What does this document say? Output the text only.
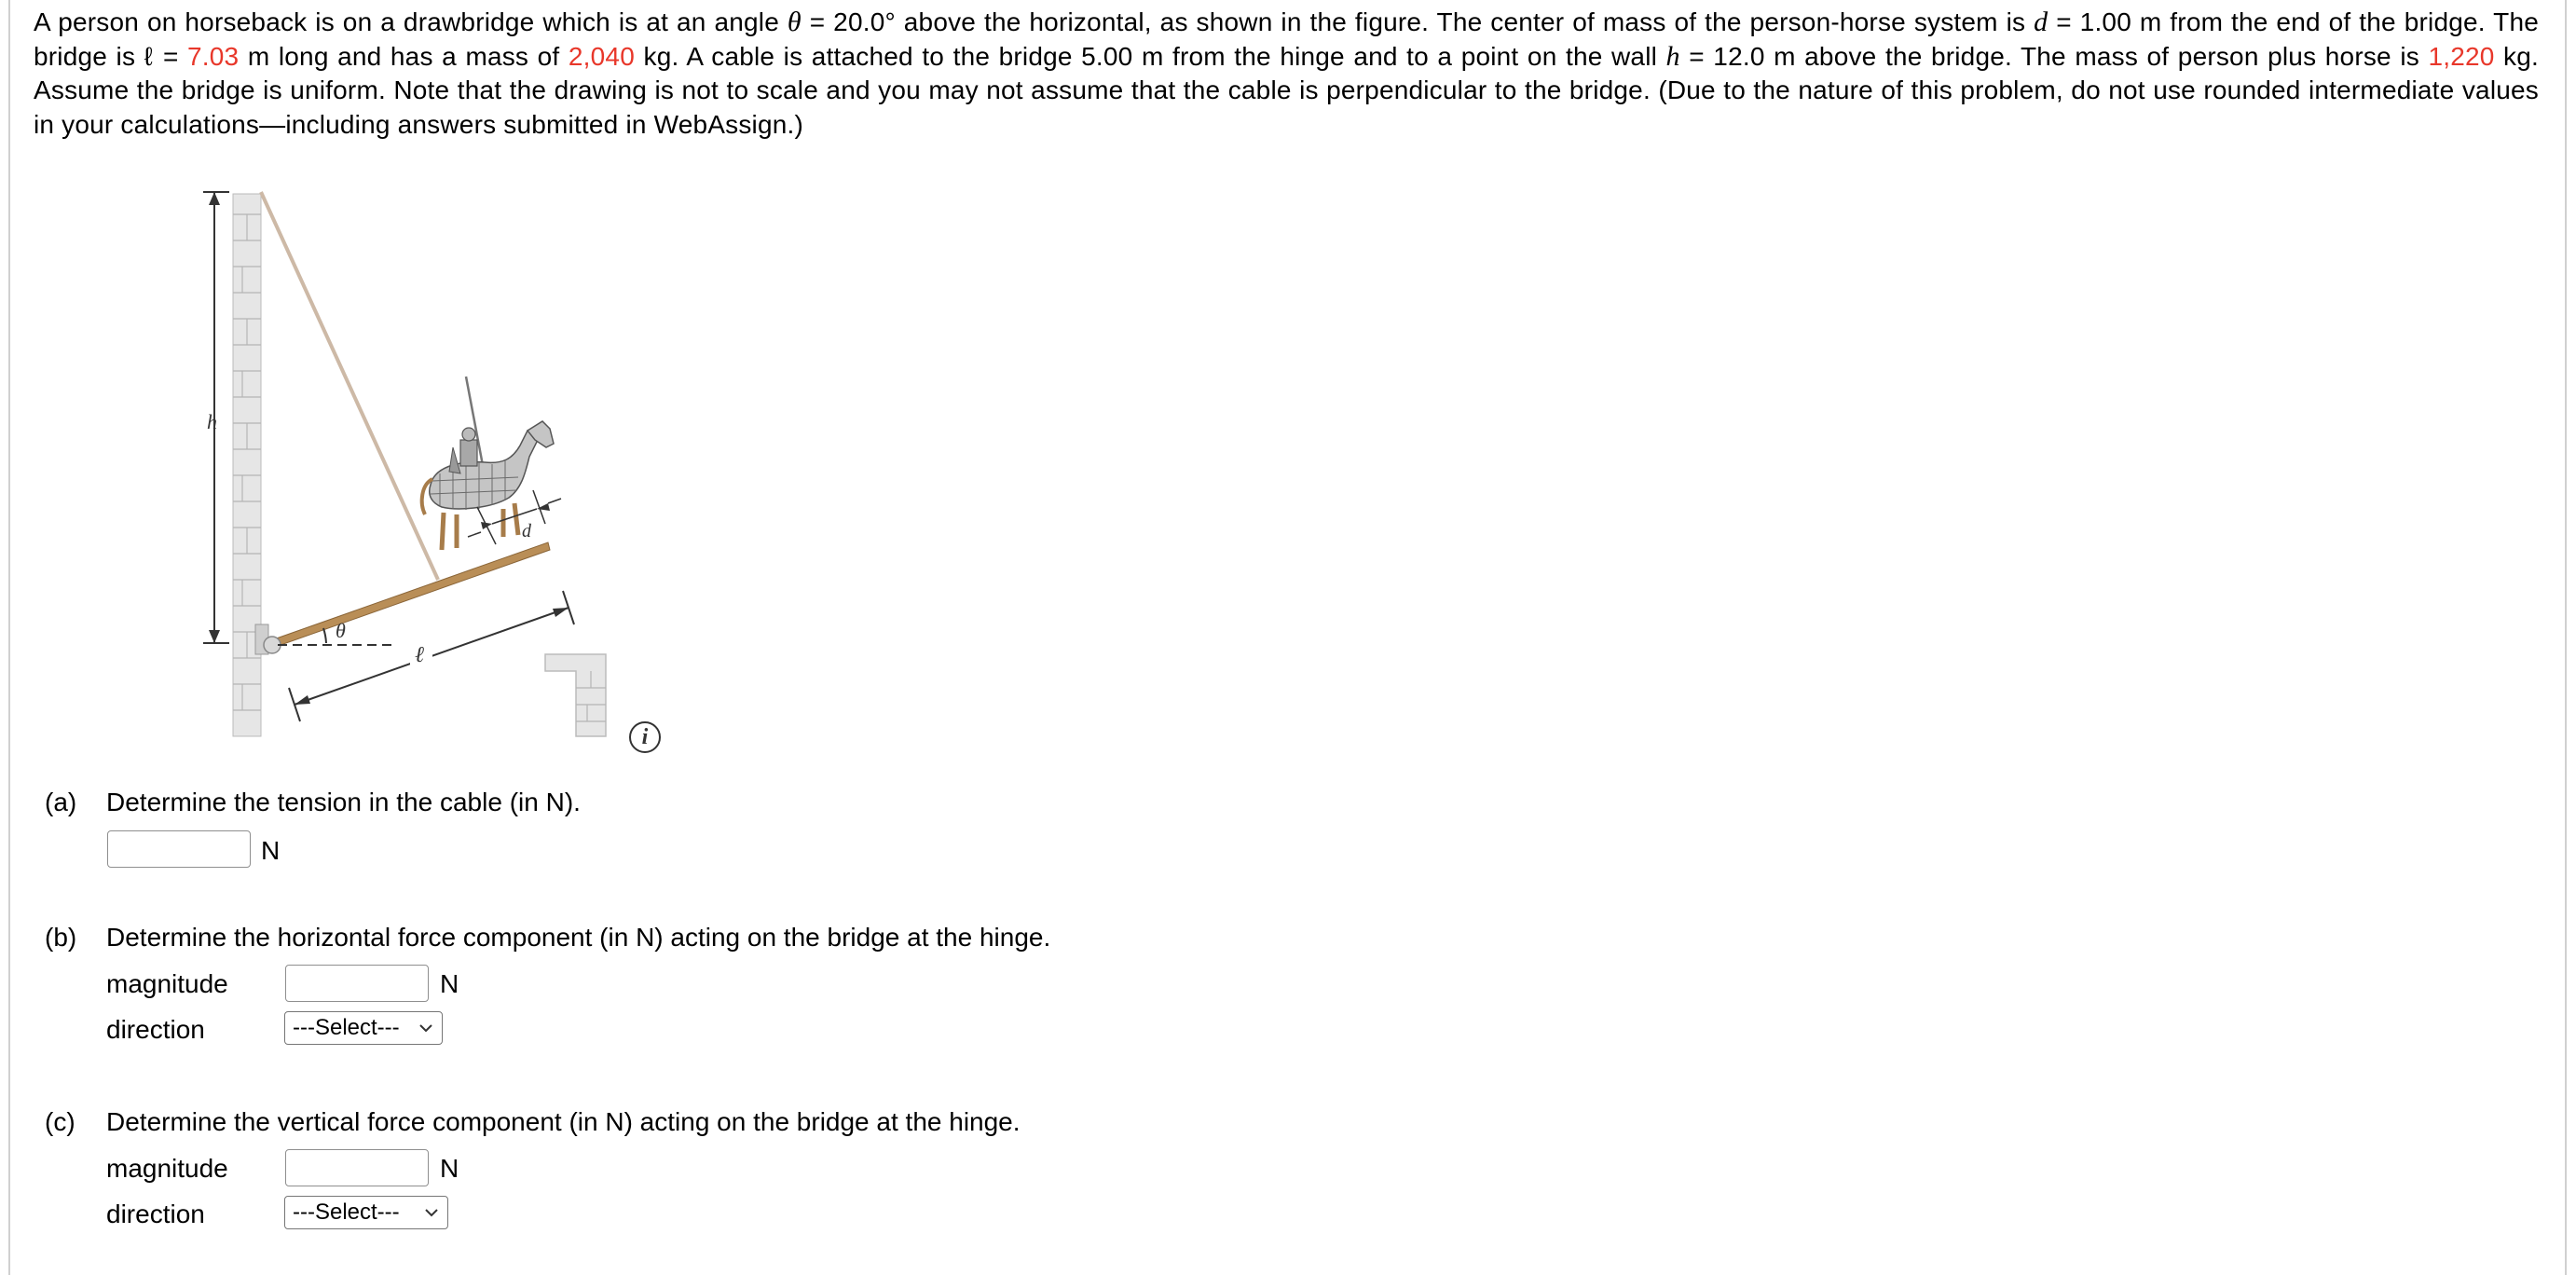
A person on horseback is on a drawbridge which is at an angle θ = 20.0° above the horizontal, as shown in the figure. The center of mass of the person-horse system is d = 1.00 m from the end of the bridge. The bridge is ℓ = 7.03 m long and has a mass of 2,040 kg. A cable is attached to the bridge 5.00 m from the hinge and to a point on the wall h = 12.0 m above the bridge. The mass of person plus horse is 1,220 kg. Assume the bridge is uniform. Note that the drawing is not to scale and you may not assume that the cable is perpendicular to the bridge. (Due to the nature of this problem, do not use rounded intermediate values in your calculations—including answers submitted in WebAssign.)
h
θ
ℓ
d
i
(a) Determine the tension in the cable (in N).
N
(b) Determine the horizontal force component (in N) acting on the bridge at the hinge.
magnitude	N
direction	---Select---
(c) Determine the vertical force component (in N) acting on the bridge at the hinge.
magnitude	N
direction	---Select---
